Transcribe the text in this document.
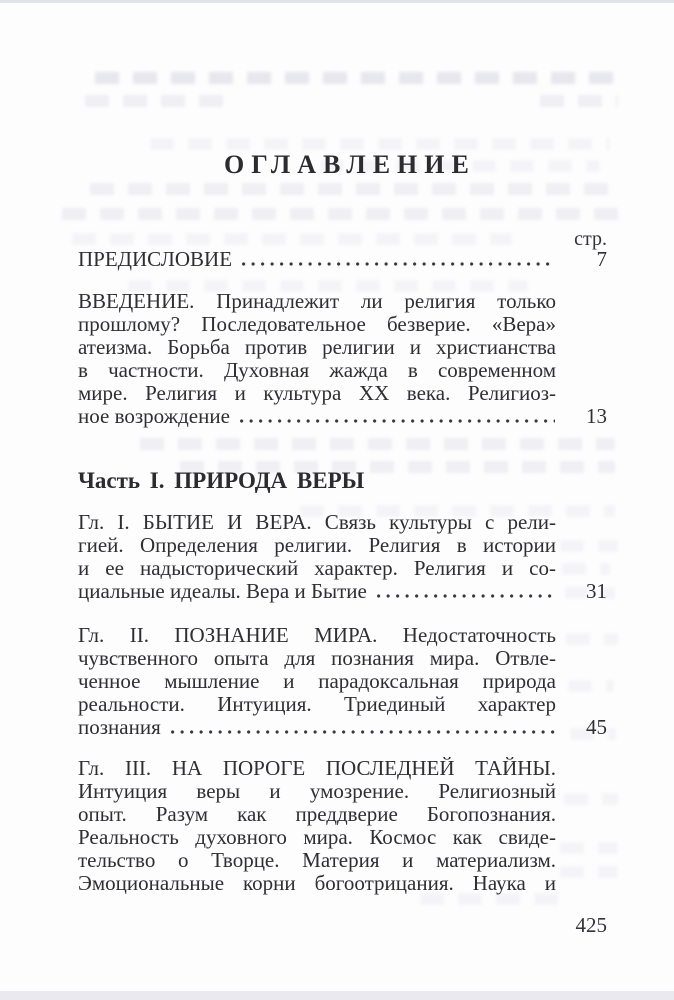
ОГЛАВЛЕНИЕ
стр.
ПРЕДИСЛОВИЕ	7
ВВЕДЕНИЕ. Принадлежит ли религия только
прошлому? Последовательное безверие. «Вера»
атеизма. Борьба против религии и христианства
в частности. Духовная жажда в современном
мире. Религия и культура XX века. Религиоз-
ное возрождение	13
Часть I. ПРИРОДА ВЕРЫ
Гл. I. БЫТИЕ И ВЕРА. Связь культуры с рели-
гией. Определения религии. Религия в истории
и ее надысторический характер. Религия и со-
циальные идеалы. Вера и Бытие	31
Гл. II. ПОЗНАНИЕ МИРА. Недостаточность
чувственного опыта для познания мира. Отвле-
ченное мышление и парадоксальная природа
реальности. Интуиция. Триединый характер
познания	45
Гл. III. НА ПОРОГЕ ПОСЛЕДНЕЙ ТАЙНЫ.
Интуиция веры и умозрение. Религиозный
опыт. Разум как преддверие Богопознания.
Реальность духовного мира. Космос как свиде-
тельство о Творце. Материя и материализм.
Эмоциональные корни богоотрицания. Наука и
425
